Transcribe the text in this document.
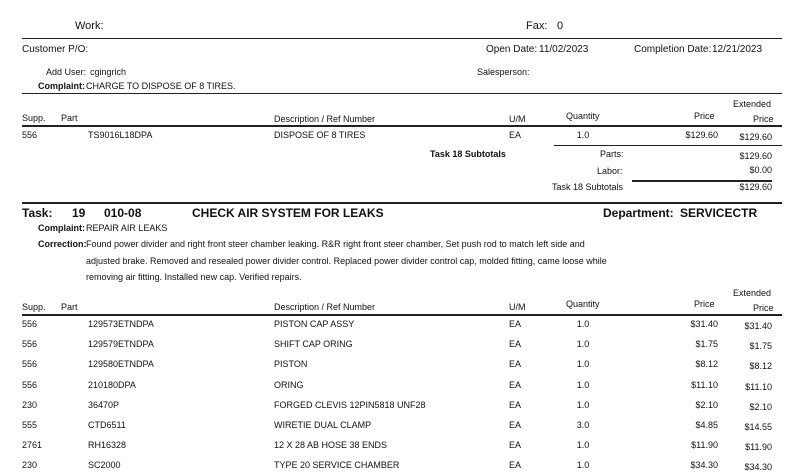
Work:	Fax: 0
Customer P/O:	Open Date: 11/02/2023	Completion Date: 12/21/2023
Add User: cgingrich	Salesperson:
Complaint: CHARGE TO DISPOSE OF 8 TIRES.
Supp. Part	Description / Ref Number	U/M	Quantity	Price
Extended
Price
556	TS9016L18DPA	DISPOSE OF 8 TIRES	EA	1.0	$129.60	$129.60
Task 18 Subtotals	Parts:	$129.60
Labor:	$0.00
Task 18 Subtotals	$129.60
Task: 19 010-08	CHECK AIR SYSTEM FOR LEAKS	Department: SERVICECTR
Complaint: REPAIR AIR LEAKS
Correction: Found power divider and right front steer chamber leaking. R&R right front steer chamber, Set push rod to match left side and
adjusted brake. Removed and resealed power divider control. Replaced power divider control cap, molded fitting, came loose while
removing air fitting. Installed new cap. Verified repairs.
Supp. Part	Description / Ref Number	U/M	Quantity	Price
Extended
Price
556	129573ETNDPA	PISTON CAP ASSY	EA	1.0	$31.40	$31.40
556	129579ETNDPA	SHIFT CAP ORING	EA	1.0	$1.75	$1.75
556	129580ETNDPA	PISTON	EA	1.0	$8.12	$8.12
556	210180DPA	ORING	EA	1.0	$11.10	$11.10
230	36470P	FORGED CLEVIS 12PIN5818 UNF28	EA	1.0	$2.10	$2.10
555	CTD6511	WIRETIE DUAL CLAMP	EA	3.0	$4.85	$14.55
2761	RH16328	12 X 28 AB HOSE 38 ENDS	EA	1.0	$11.90	$11.90
230	SC2000	TYPE 20 SERVICE CHAMBER	EA	1.0	$34.30	$34.30
